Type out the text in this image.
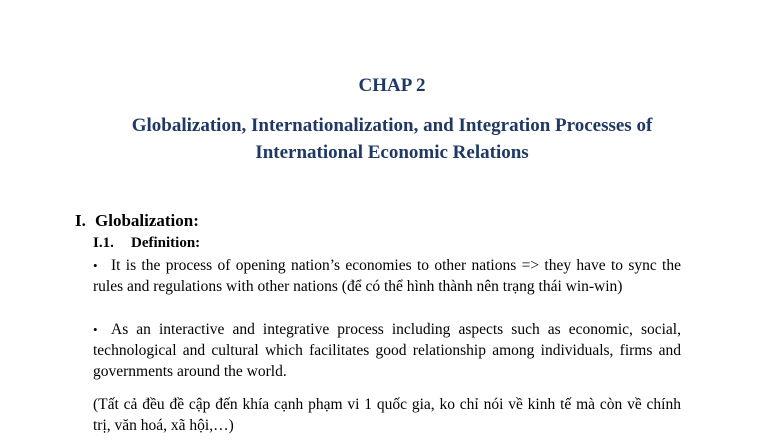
CHAP 2
Globalization, Internationalization, and Integration Processes of International Economic Relations
I. Globalization:
I.1. Definition:
• It is the process of opening nation’s economies to other nations => they have to sync the rules and regulations with other nations (để có thể hình thành nên trạng thái win-win)
• As an interactive and integrative process including aspects such as economic, social, technological and cultural which facilitates good relationship among individuals, firms and governments around the world.
(Tất cả đều đề cập đến khía cạnh phạm vi 1 quốc gia, ko chỉ nói về kinh tế mà còn về chính trị, văn hoá, xã hội,…)
